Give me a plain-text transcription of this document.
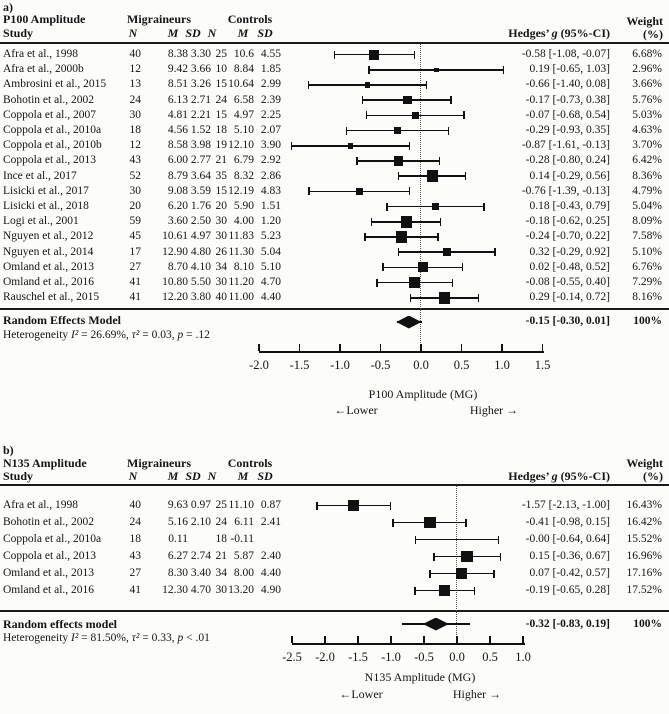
a)
P100 Amplitude
Study
Migraineurs	Controls
N	M SD N	M SD	Hedges’ g (95%-CI)
Weight
(%)
Random Effects Model	-0.15 [-0.30, 0.01]	100%
Heterogeneity I² = 26.69%, τ² = 0.03, p = .12
P100 Amplitude (MG)
←Lower	Higher →
Afra et al., 1998	40	8.38 3.30 25 10.6 4.55	-0.58 [-1.08, -0.07]	6.68%
Afra et al., 2000b	12	9.42 3.66 10 8.84 1.85	0.19 [-0.65, 1.03]	2.96%
Ambrosini et al., 2015	13	8.51 3.26 15 10.64 2.99	-0.66 [-1.40, 0.08]	3.66%
Bohotin et al., 2002	24	6.13 2.71 24 6.58 2.39	-0.17 [-0.73, 0.38]	5.76%
Coppola et al., 2007	30	4.81 2.21 15 4.97 2.25	-0.07 [-0.68, 0.54]	5.03%
Coppola et al., 2010a	18	4.56 1.52 18 5.10 2.07	-0.29 [-0.93, 0.35]	4.63%
Coppola et al., 2010b	12	8.58 3.98 19 12.10 3.90	-0.87 [-1.61, -0.13]	3.70%
Coppola et al., 2013	43	6.00 2.77 21 6.79 2.92	-0.28 [-0.80, 0.24]	6.42%
Ince et al., 2017	52	8.79 3.64 35 8.32 2.86	0.14 [-0.29, 0.56]	8.36%
Lisicki et al., 2017	30	9.08 3.59 15 12.19 4.83	-0.76 [-1.39, -0.13]	4.79%
Lisicki et al., 2018	20	6.20 1.76 20 5.90 1.51	0.18 [-0.43, 0.79]	5.04%
Logi et al., 2001	59	3.60 2.50 30 4.00 1.20	-0.18 [-0.62, 0.25]	8.09%
Nguyen et al., 2012	45	10.61 4.97 30 11.83 5.23	-0.24 [-0.70, 0.22]	7.58%
Nguyen et al., 2014	17	12.90 4.80 26 11.30 5.04	0.32 [-0.29, 0.92]	5.10%
Omland et al., 2013	27	8.70 4.10 34 8.10 5.10	0.02 [-0.48, 0.52]	6.76%
Omland et al., 2016	41	10.80 5.50 30 11.20 4.70	-0.08 [-0.55, 0.40]	7.29%
Rauschel et al., 2015	41	12.20 3.80 40 11.00 4.40	0.29 [-0.14, 0.72]	8.16%
-2.0	-1.5	-1.0	-0.5	0.0	0.5	1.0	1.5
b)
N135 Amplitude
Study
Migraineurs	Controls
N	M SD N	M SD	Hedges’ g (95%-CI)
Weight
(%)
Random effects model	-0.32 [-0.83, 0.19]	100%
Heterogeneity I² = 81.50%, τ² = 0.33, p < .01
N135 Amplitude (MG)
←Lower	Higher →
Afra et al., 1998	40	9.63 0.97 25 11.10 0.87	-1.57 [-2.13, -1.00]	16.43%
Bohotin et al., 2002	24	5.16 2.10 24 6.11 2.41	-0.41 [-0.98, 0.15]	16.42%
Coppola et al., 2010a	18	0.11	18 -0.11	-0.00 [-0.64, 0.64]	15.52%
Coppola et al., 2013	43	6.27 2.74 21 5.87 2.40	0.15 [-0.36, 0.67]	16.96%
Omland et al., 2013	27	8.30 3.40 34 8.00 4.40	0.07 [-0.42, 0.57]	17.16%
Omland et al., 2016	41	12.30 4.70 30 13.20 4.90	-0.19 [-0.65, 0.28]	17.52%
-2.5	-2.0	-1.5	-1.0	-0.5	0.0	0.5	1.0
